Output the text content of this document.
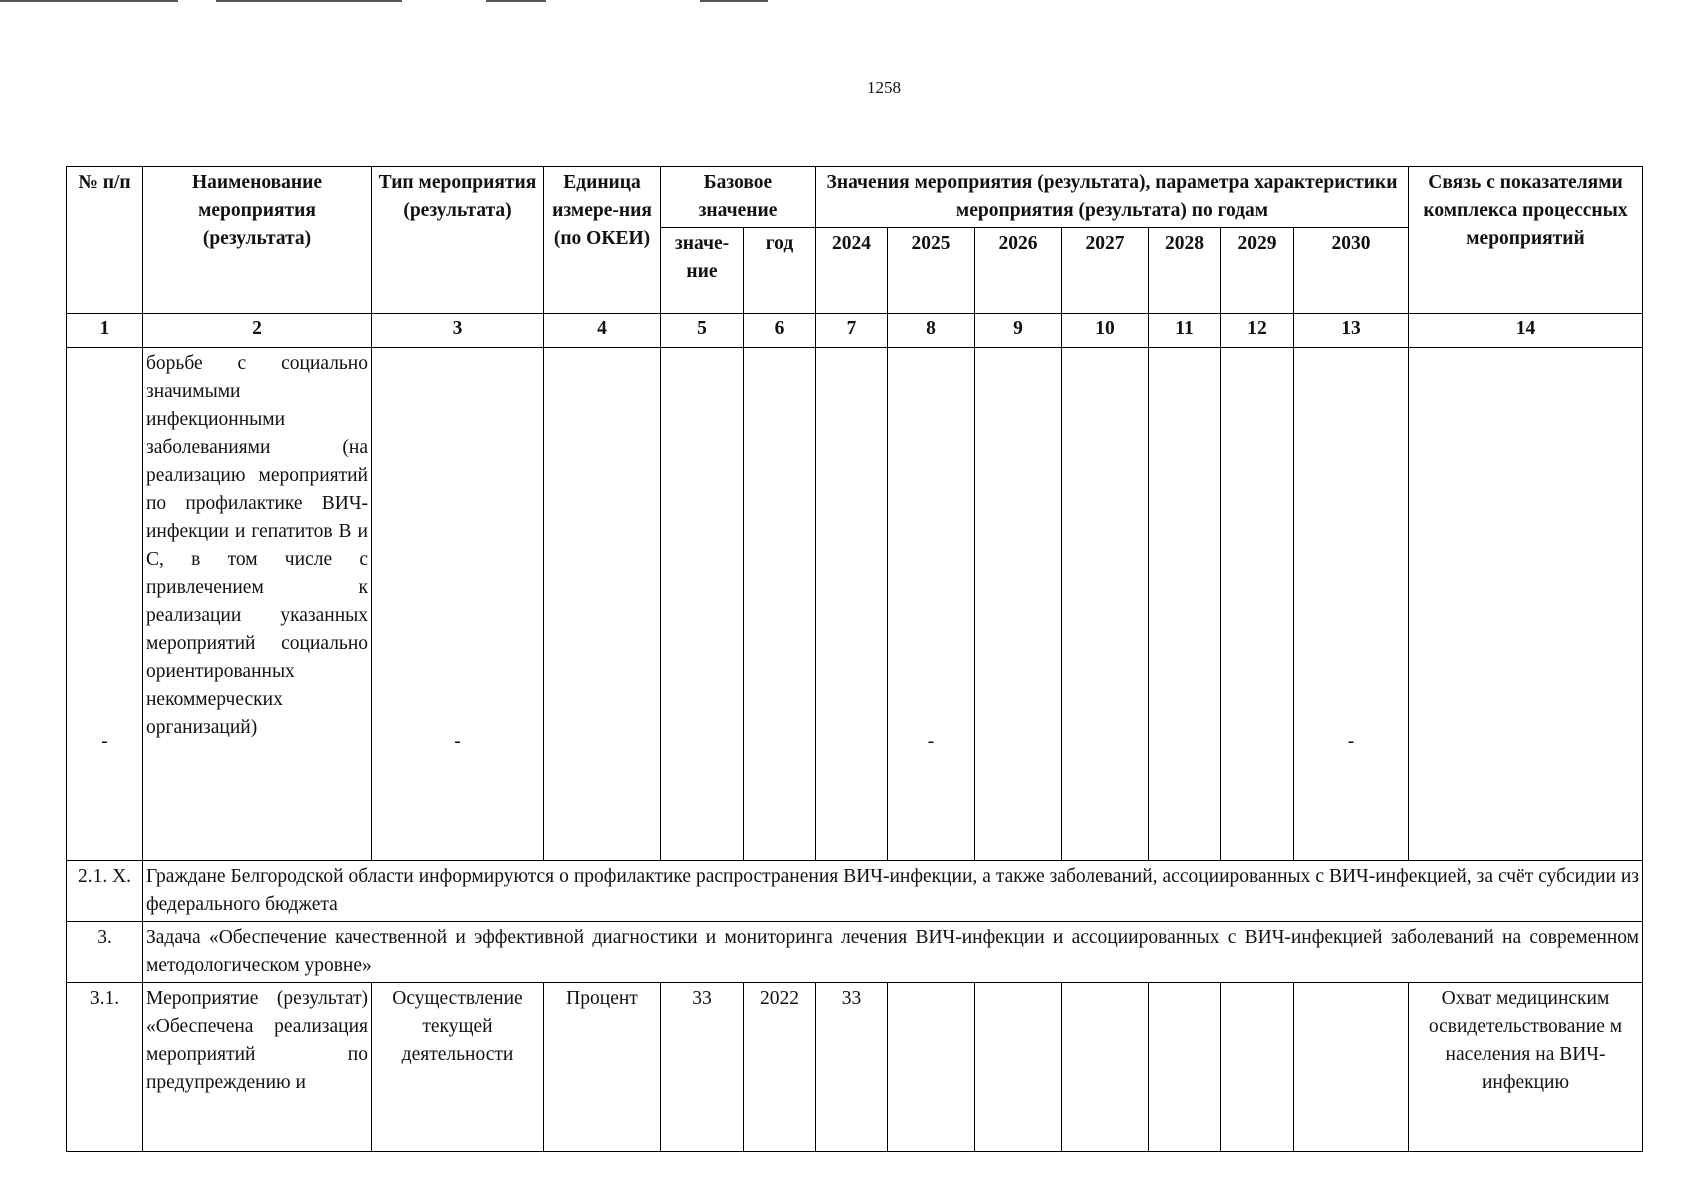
1258
№ п/п	Наименование мероприятия (результата)	Тип мероприятия (результата)	Единица измере-ния (по ОКЕИ)	Базовое значение		Значения мероприятия (результата), параметра характеристики мероприятия (результата) по годам							Связь с показателями комплекса процессных мероприятий
				значе-ние	год	2024	2025	2026	2027	2028	2029	2030	
1	2	3	4	5	6	7	8	9	10	11	12	13	14

-	борьбе с социально значимыми инфекционными заболеваниями (на реализацию мероприятий по профилактике ВИЧ-инфекции и гепатитов В и С, в том числе с привлечением к реализации указанных мероприятий социально ориентированных некоммерческих организаций)	-					-					-	

2.1. X.	Граждане Белгородской области информируются о профилактике распространения ВИЧ-инфекции, а также заболеваний, ассоциированных с ВИЧ-инфекцией, за счёт субсидии из федерального бюджета												
3.	Задача «Обеспечение качественной и эффективной диагностики и мониторинга лечения ВИЧ-инфекции и ассоциированных с ВИЧ-инфекцией заболеваний на современном методологическом уровне»												
3.1.	Мероприятие (результат) «Обеспечена реализация мероприятий по предупреждению и	Осуществление текущей деятельности	Процент	33	2022	33							Охват медицинским освидетельствование м населения на ВИЧ-инфекцию
